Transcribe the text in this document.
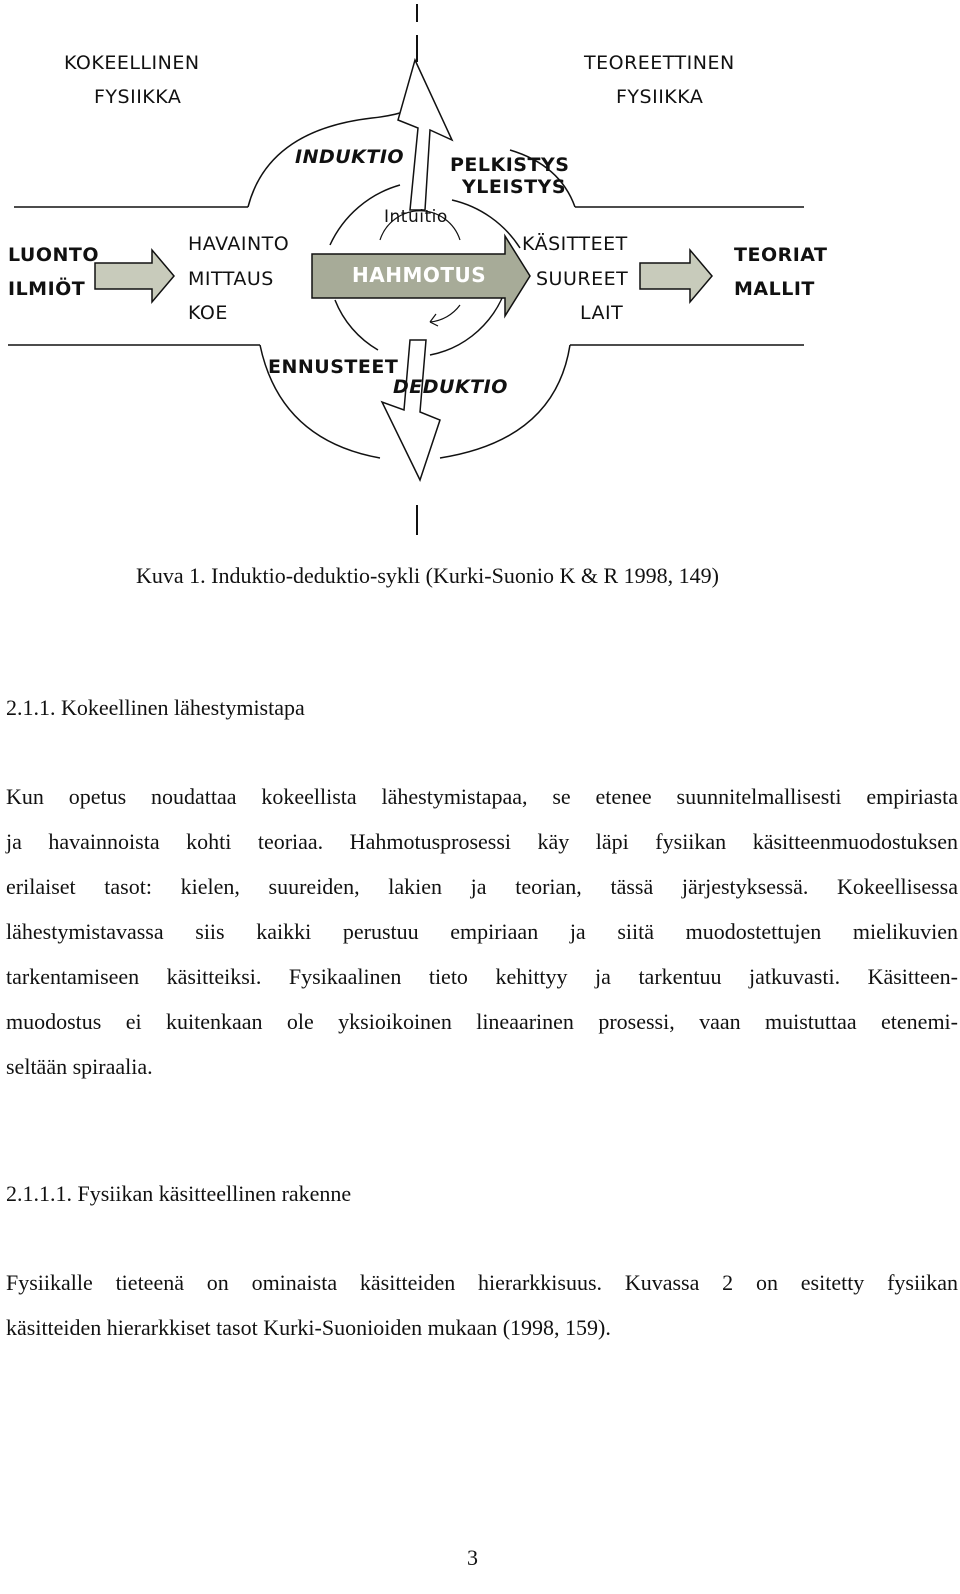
KOKEELLINEN
FYSIIKKA
TEOREETTINEN
FYSIIKKA
INDUKTIO PELKISTYS
YLEISTYS
Intuitio
LUONTO
ILMIÖT
HAVAINTO
MITTAUS
KOE
HAHMOTUS
KÄSITTEET
SUUREET
LAIT
TEORIAT
MALLIT
ENNUSTEET
DEDUKTIO
Kuva 1. Induktio-deduktio-sykli (Kurki-Suonio K & R 1998, 149)
2.1.1. Kokeellinen lähestymistapa
Kun opetus noudattaa kokeellista lähestymistapaa, se etenee suunnitelmallisesti empiriasta
ja havainnoista kohti teoriaa. Hahmotusprosessi käy läpi fysiikan käsitteenmuodostuksen
erilaiset tasot: kielen, suureiden, lakien ja teorian, tässä järjestyksessä. Kokeellisessa
lähestymistavassa siis kaikki perustuu empiriaan ja siitä muodostettujen mielikuvien
tarkentamiseen käsitteiksi. Fysikaalinen tieto kehittyy ja tarkentuu jatkuvasti. Käsitteen-
muodostus ei kuitenkaan ole yksioikoinen lineaarinen prosessi, vaan muistuttaa etenemi-
seltään spiraalia.
2.1.1.1. Fysiikan käsitteellinen rakenne
Fysiikalle tieteenä on ominaista käsitteiden hierarkkisuus. Kuvassa 2 on esitetty fysiikan
käsitteiden hierarkkiset tasot Kurki-Suonioiden mukaan (1998, 159).
3
